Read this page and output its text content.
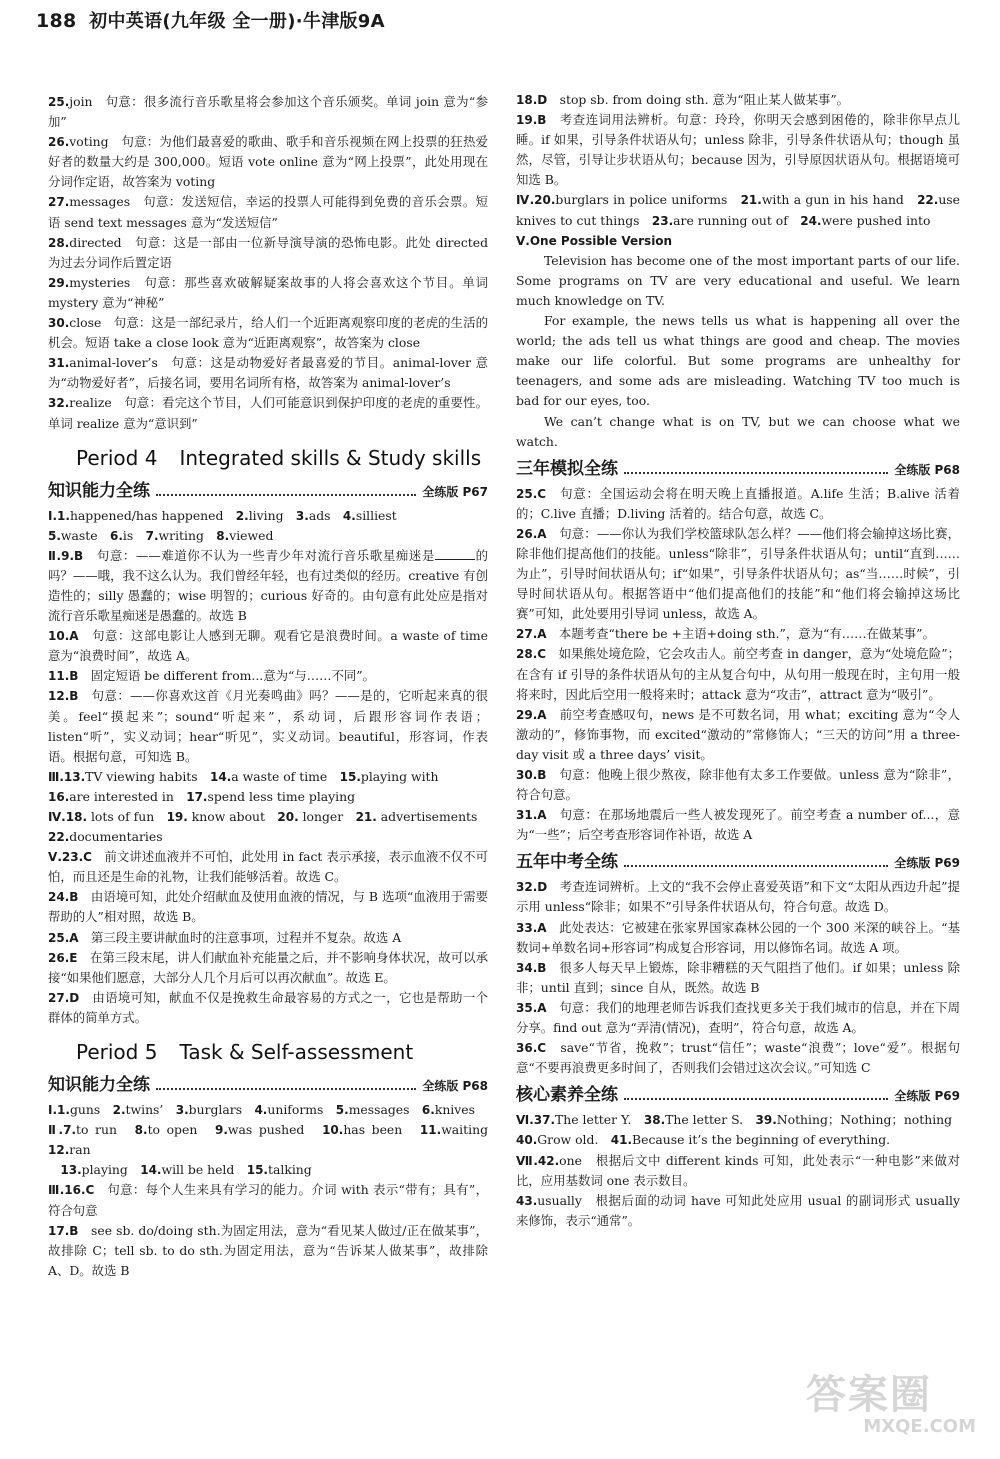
188 初中英语(九年级 全一册)·牛津版9A

25.join　句意：很多流行音乐歌星将会参加这个音乐颁奖。单词 join 意为“参加”

26.voting　句意：为他们最喜爱的歌曲、歌手和音乐视频在网上投票的狂热爱好者的数量大约是 300,000。短语 vote online 意为“网上投票”，此处用现在分词作定语，故答案为 voting

27.messages　句意：发送短信，幸运的投票人可能得到免费的音乐会票。短语 send text messages 意为“发送短信”

28.directed　句意：这是一部由一位新导演导演的恐怖电影。此处 directed 为过去分词作后置定语

29.mysteries　句意：那些喜欢破解疑案故事的人将会喜欢这个节目。单词 mystery 意为“神秘”

30.close　句意：这是一部纪录片，给人们一个近距离观察印度的老虎的生活的机会。短语 take a close look 意为“近距离观察”，故答案为 close

31.animal-lover’s　句意：这是动物爱好者最喜爱的节目。animal-lover 意为“动物爱好者”，后接名词，要用名词所有格，故答案为 animal-lover’s

32.realize　句意：看完这个节目，人们可能意识到保护印度的老虎的重要性。单词 realize 意为“意识到”

Period 4 Integrated skills & Study skills
知识能力全练	全练版 P67

Ⅰ.1.happened/has happened　2.living　3.ads　4.silliest

5.waste　6.is　7.writing　8.viewed

Ⅱ.9.B　句意：——难道你不认为一些青少年对流行音乐歌星痴迷是	的吗？——哦，我不这么认为。我们曾经年轻，也有过类似的经历。creative 有创造性的；silly 愚蠢的；wise 明智的；curious 好奇的。由句意有此处应是指对流行音乐歌星痴迷是愚蠢的。故选 B

10.A　句意：这部电影让人感到无聊。观看它是浪费时间。a waste of time 意为“浪费时间”，故选 A。

11.B　固定短语 be different from...意为“与……不同”。

12.B　句意：——你喜欢这首《月光奏鸣曲》吗？——是的，它听起来真的很美。feel“摸起来”；sound“听起来”，系动词，后跟形容词作表语；listen“听”，实义动词；hear“听见”，实义动词。beautiful，形容词，作表语。根据句意，可知选 B。

Ⅲ.13.TV viewing habits　14.a waste of time　15.playing with

16.are interested in　17.spend less time playing

Ⅳ.18. lots of fun　19. know about　20. longer　21. advertisements

22.documentaries

Ⅴ.23.C　前文讲述血液并不可怕，此处用 in fact 表示承接，表示血液不仅不可怕，而且还是生命的礼物，让我们能够活着。故选 C。

24.B　由语境可知，此处介绍献血及使用血液的情况，与 B 选项“血液用于需要帮助的人”相对照，故选 B。

25.A　第三段主要讲献血时的注意事项，过程并不复杂。故选 A

26.E　在第三段末尾，讲人们献血补充能量之后，并不影响身体状况，故可以承接“如果他们愿意，大部分人几个月后可以再次献血”。故选 E。

27.D　由语境可知，献血不仅是挽救生命最容易的方式之一，它也是帮助一个群体的简单方式。

Period 5 Task & Self-assessment
知识能力全练	全练版 P68

Ⅰ.1.guns　2.twins’　3.burglars　4.uniforms　5.messages　6.knives

Ⅱ.7.to run　8.to open　9.was pushed　10.has been　11.waiting　12.ran

　13.playing　14.will be held　15.talking

Ⅲ.16.C　句意：每个人生来具有学习的能力。介词 with 表示“带有；具有”，符合句意

17.B　see sb. do/doing sth.为固定用法，意为“看见某人做过/正在做某事”，故排除 C；tell sb. to do sth.为固定用法，意为“告诉某人做某事”，故排除 A、D。故选 B

18.D　stop sb. from doing sth. 意为“阻止某人做某事”。

19.B　考查连词用法辨析。句意：玲玲，你明天会感到困倦的，除非你早点儿睡。if 如果，引导条件状语从句；unless 除非，引导条件状语从句；though 虽然，尽管，引导让步状语从句；because 因为，引导原因状语从句。根据语境可知选 B。

Ⅳ.20.burglars in police uniforms　21.with a gun in his hand　22.use knives to cut things　23.are running out of　24.were pushed into

Ⅴ.One Possible Version

Television has become one of the most important parts of our life. Some programs on TV are very educational and useful. We learn much knowledge on TV.

For example, the news tells us what is happening all over the world; the ads tell us what things are good and cheap. The movies make our life colorful. But some programs are unhealthy for teenagers, and some ads are misleading. Watching TV too much is bad for our eyes, too.

We can’t change what is on TV, but we can choose what we watch.

三年模拟全练	全练版 P68

25.C　句意：全国运动会将在明天晚上直播报道。A.life 生活；B.alive 活着的；C.live 直播；D.living 活着的。结合句意，故选 C。

26.A　句意：——你认为我们学校篮球队怎么样？——他们将会输掉这场比赛，除非他们提高他们的技能。unless“除非”，引导条件状语从句；until“直到……为止”，引导时间状语从句；if“如果”，引导条件状语从句；as“当……时候”，引导时间状语从句。根据答语中“他们提高他们的技能”和“他们将会输掉这场比赛”可知，此处要用引导词 unless，故选 A。

27.A　本题考查“there be +主语+doing sth.”，意为“有……在做某事”。

28.C　如果熊处境危险，它会攻击人。前空考查 in danger，意为“处境危险”；在含有 if 引导的条件状语从句的主从复合句中，从句用一般现在时，主句用一般将来时，因此后空用一般将来时；attack 意为“攻击”，attract 意为“吸引”。

29.A　前空考查感叹句，news 是不可数名词，用 what；exciting 意为“令人激动的”，修饰事物，而 excited“激动的”常修饰人；“三天的访问”用 a three-day visit 或 a three days’ visit。

30.B　句意：他晚上很少熬夜，除非他有太多工作要做。unless 意为“除非”，符合句意。

31.A　句意：在那场地震后一些人被发现死了。前空考查 a number of...，意为“一些”；后空考查形容词作补语，故选 A

五年中考全练	全练版 P69

32.D　考查连词辨析。上文的“我不会停止喜爱英语”和下文“太阳从西边升起”提示用 unless“除非；如果不”引导条件状语从句，符合句意。故选 D。

33.A　此处表达：它被建在张家界国家森林公园的一个 300 米深的峡谷上。“基数词+单数名词+形容词”构成复合形容词，用以修饰名词。故选 A 项。

34.B　很多人每天早上锻炼，除非糟糕的天气阻挡了他们。if 如果；unless 除非；until 直到；since 自从，既然。故选 B

35.A　句意：我们的地理老师告诉我们查找更多关于我们城市的信息，并在下周分享。find out 意为“弄清(情况)，查明”，符合句意，故选 A。

36.C　save“节省，挽救”；trust“信任”；waste“浪费”；love“爱”。根据句意“不要再浪费更多时间了，否则我们会错过这次会议。”可知选 C

核心素养全练	全练版 P69

Ⅵ.37.The letter Y.　38.The letter S.　39.Nothing；Nothing；nothing

40.Grow old.　41.Because it’s the beginning of everything.

Ⅶ.42.one　根据后文中 different kinds 可知，此处表示“一种电影”来做对比，应用基数词 one 表示数目。

43.usually　根据后面的动词 have 可知此处应用 usual 的副词形式 usually 来修饰，表示“通常”。

答案圈
MXQE.COM
